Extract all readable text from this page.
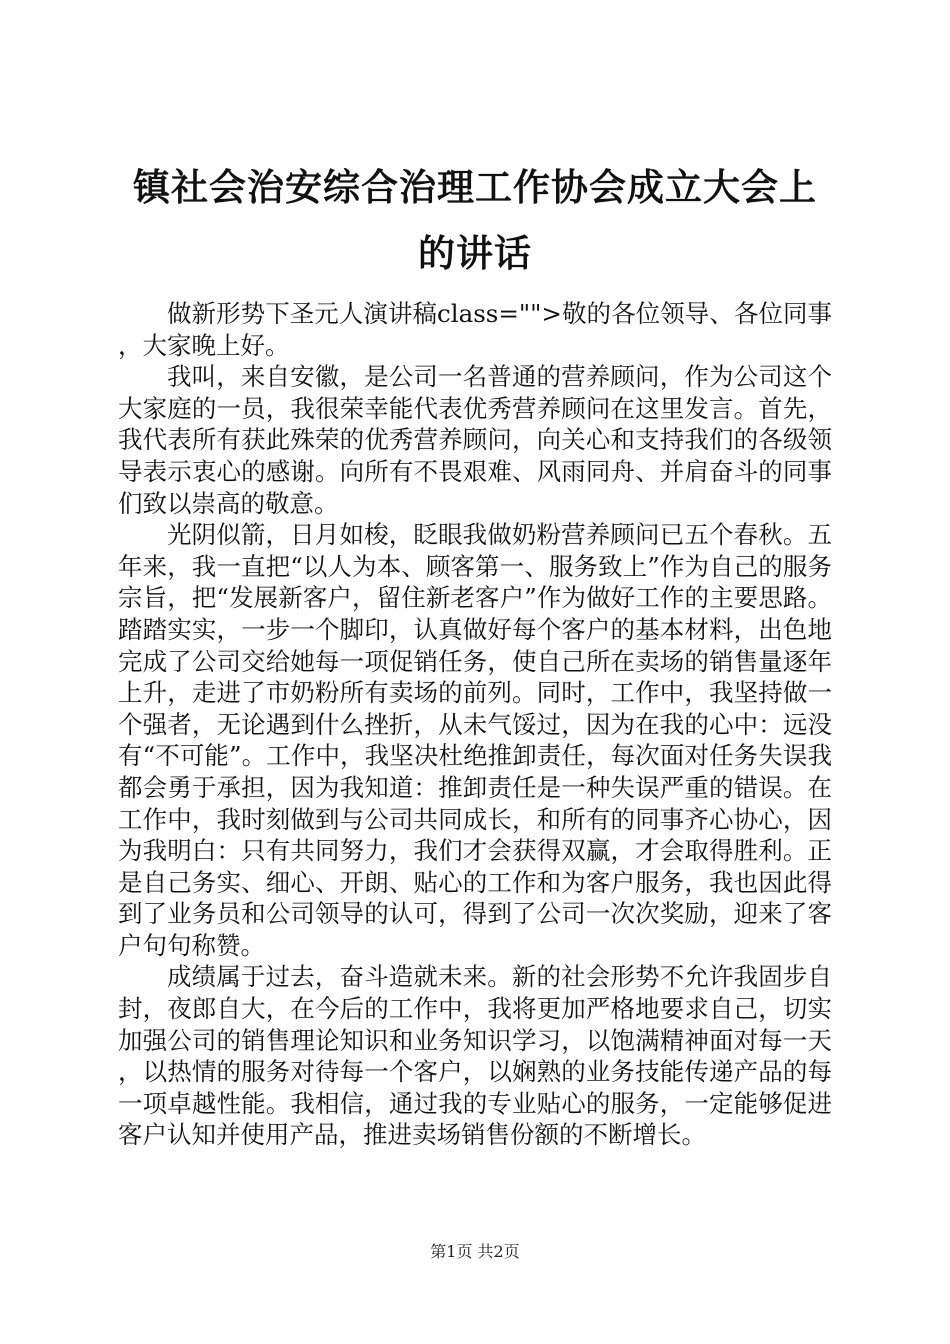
镇社会治安综合治理工作协会成立大会上的讲话

做新形势下圣元人演讲稿class="">敬的各位领导、各位同事，大家晚上好。

我叫，来自安徽，是公司一名普通的营养顾问，作为公司这个大家庭的一员，我很荣幸能代表优秀营养顾问在这里发言。首先，我代表所有获此殊荣的优秀营养顾问，向关心和支持我们的各级领导表示衷心的感谢。向所有不畏艰难、风雨同舟、并肩奋斗的同事们致以崇高的敬意。

光阴似箭，日月如梭，眨眼我做奶粉营养顾问已五个春秋。五年来，我一直把“以人为本、顾客第一、服务致上”作为自己的服务宗旨，把“发展新客户，留住新老客户”作为做好工作的主要思路。踏踏实实，一步一个脚印，认真做好每个客户的基本材料，出色地完成了公司交给她每一项促销任务，使自己所在卖场的销售量逐年上升，走进了市奶粉所有卖场的前列。同时，工作中，我坚持做一个强者，无论遇到什么挫折，从未气馁过，因为在我的心中：远没有“不可能”。工作中，我坚决杜绝推卸责任，每次面对任务失误我都会勇于承担，因为我知道：推卸责任是一种失误严重的错误。在工作中，我时刻做到与公司共同成长，和所有的同事齐心协心，因为我明白：只有共同努力，我们才会获得双赢，才会取得胜利。正是自己务实、细心、开朗、贴心的工作和为客户服务，我也因此得到了业务员和公司领导的认可，得到了公司一次次奖励，迎来了客户句句称赞。

成绩属于过去，奋斗造就未来。新的社会形势不允许我固步自封，夜郎自大，在今后的工作中，我将更加严格地要求自己，切实加强公司的销售理论知识和业务知识学习，以饱满精神面对每一天，以热情的服务对待每一个客户，以娴熟的业务技能传递产品的每一项卓越性能。我相信，通过我的专业贴心的服务，一定能够促进客户认知并使用产品，推进卖场销售份额的不断增长。

第1页 共2页
